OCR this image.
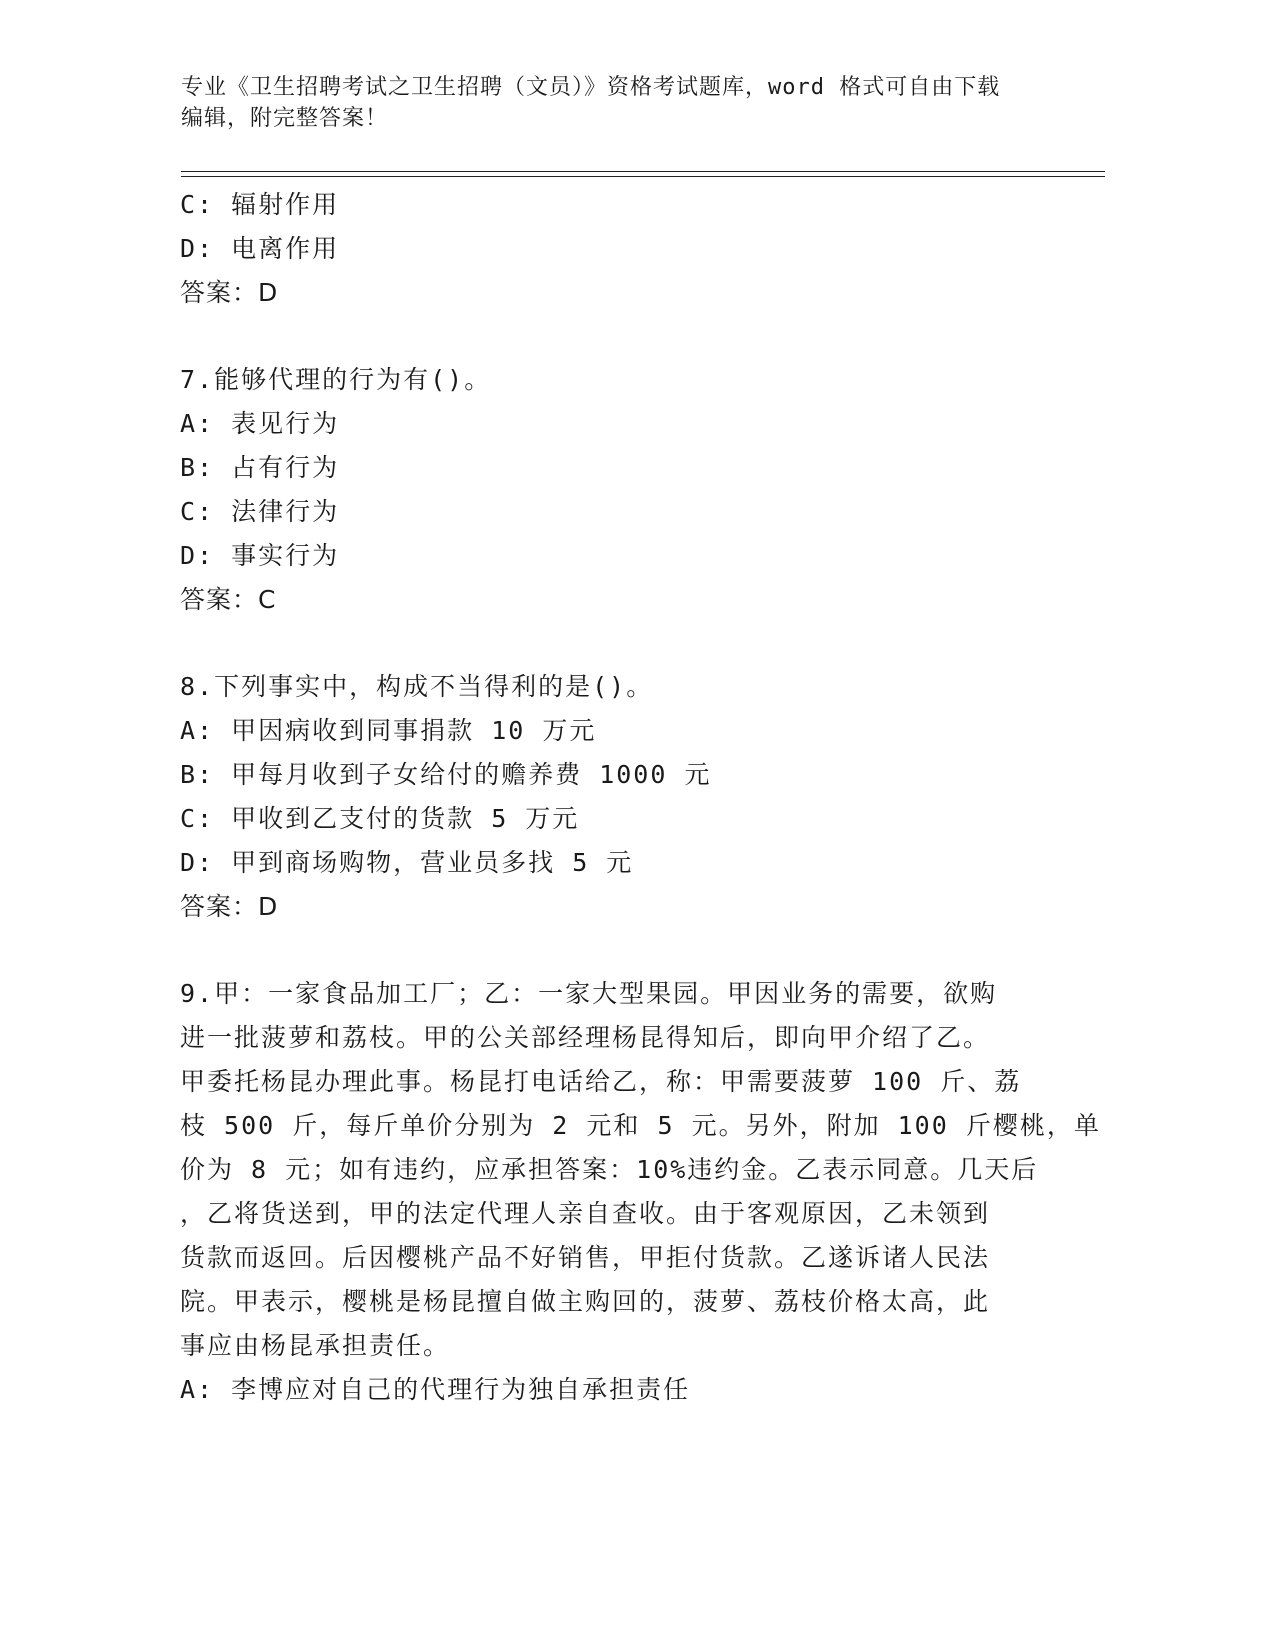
专业《卫生招聘考试之卫生招聘（文员）》资格考试题库，word 格式可自由下载
编辑，附完整答案！
C: 辐射作用
D: 电离作用
答案：D
7.能够代理的行为有()。
A: 表见行为
B: 占有行为
C: 法律行为
D: 事实行为
答案：C
8.下列事实中，构成不当得利的是()。
A: 甲因病收到同事捐款 10 万元
B: 甲每月收到子女给付的赡养费 1000 元
C: 甲收到乙支付的货款 5 万元
D: 甲到商场购物，营业员多找 5 元
答案：D
9.甲：一家食品加工厂；乙：一家大型果园。甲因业务的需要，欲购
进一批菠萝和荔枝。甲的公关部经理杨昆得知后，即向甲介绍了乙。
甲委托杨昆办理此事。杨昆打电话给乙，称：甲需要菠萝 100 斤、荔
枝 500 斤，每斤单价分别为 2 元和 5 元。另外，附加 100 斤樱桃，单
价为 8 元；如有违约，应承担答案：10%违约金。乙表示同意。几天后
，乙将货送到，甲的法定代理人亲自查收。由于客观原因，乙未领到
货款而返回。后因樱桃产品不好销售，甲拒付货款。乙遂诉诸人民法
院。甲表示，樱桃是杨昆擅自做主购回的，菠萝、荔枝价格太高，此
事应由杨昆承担责任。
A: 李博应对自己的代理行为独自承担责任
